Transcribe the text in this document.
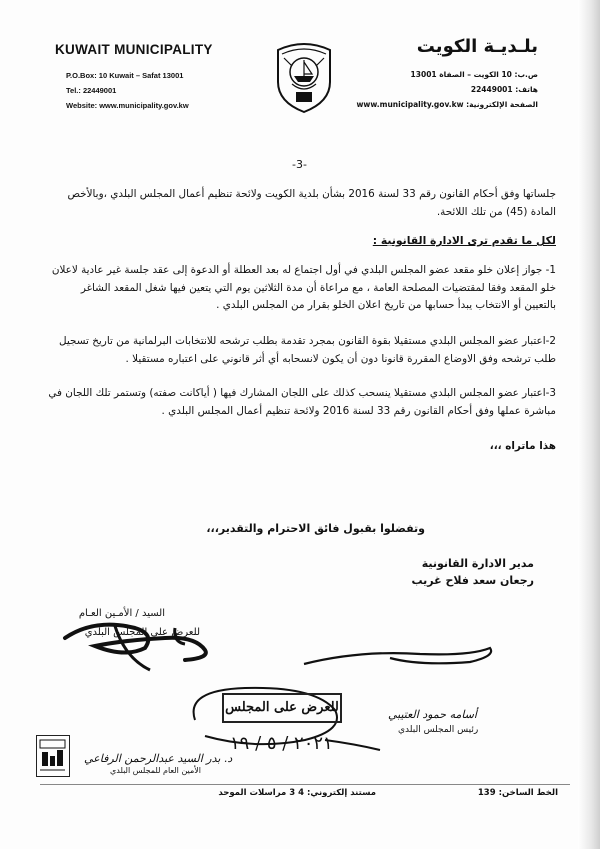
KUWAIT MUNICIPALITY
P.O.Box: 10 Kuwait – Safat 13001
Tel.: 22449001
Website: www.municipality.gov.kw
بلـديـة الكويت
ص.ب: 10 الكويت – الصفاة 13001
هاتف: 22449001
الصفحة الإلكترونية: www.municipality.gov.kw
-3-
جلساتها وفق أحكام القانون رقم 33 لسنة 2016 بشأن بلدية الكويت ولائحة تنظيم أعمال المجلس البلدي ،وبالأخص المادة (45) من تلك اللائحة.
لكل ما تقدم ترى الادارة القانونية :
1- جواز إعلان خلو مقعد عضو المجلس البلدي في أول اجتماع له بعد العطلة أو الدعوة إلى عقد جلسة غير عادية لاعلان خلو المقعد وفقا لمقتضيات المصلحة العامة ، مع مراعاة أن مدة الثلاثين يوم التي يتعين فيها شغل المقعد الشاغر بالتعيين أو الانتخاب يبدأ حسابها من تاريخ اعلان الخلو بقرار من المجلس البلدي .
2-اعتبار عضو المجلس البلدي مستقيلا بقوة القانون بمجرد تقدمة بطلب ترشحه للانتخابات البرلمانية من تاريخ تسجيل طلب ترشحه وفق الاوضاع المقررة قانونا دون أن يكون لانسحابه أي أثر قانوني على اعتباره مستقيلا .
3-اعتبار عضو المجلس البلدي مستقيلا ينسحب كذلك على اللجان المشارك فيها ( أياكانت صفته) وتستمر تلك اللجان في مباشرة عملها وفق أحكام القانون رقم 33 لسنة 2016 ولائحة تنظيم أعمال المجلس البلدي .
هذا ماتراه ،،،
وتفضلوا بقبول فائق الاحترام والتقدير،،،
مدير الادارة القانونية
رجعان سعد فلاح غريب
السيد / الأمـين العـام
للعرض على المجلس البلدي
للعرض على المجلس
٢٠٢١ / ٥ / ١٩
أسامه حمود العتيبي
رئيس المجلس البلدي
د. بدر السيد عبدالرحمن الرفاعي
الأمين العام للمجلس البلدي
الخط الساخن: 139
مستند إلكتروني: 4 3 مراسلات الموحد
